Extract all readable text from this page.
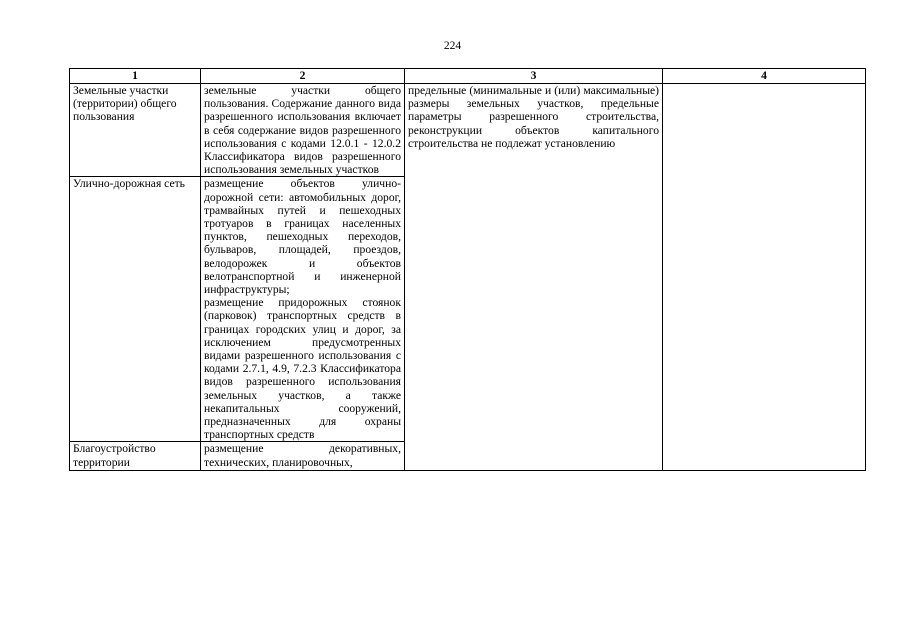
224
1	2	3	4
Земельные участки (территории) общего пользования	земельные участки общего пользования. Содержание данного вида разрешенного использования включает в себя содержание видов разрешенного использования с кодами 12.0.1 - 12.0.2 Классификатора видов разрешенного использования земельных участков	предельные (минимальные и (или) максимальные) размеры земельных участков, предельные параметры разрешенного строительства, реконструкции объектов капитального строительства не подлежат установлению	
Улично-дорожная сеть	размещение объектов улично-дорожной сети: автомобильных дорог, трамвайных путей и пешеходных тротуаров в границах населенных пунктов, пешеходных переходов, бульваров, площадей, проездов, велодорожек и объектов велотранспортной и инженерной инфраструктуры;
размещение придорожных стоянок (парковок) транспортных средств в границах городских улиц и дорог, за исключением предусмотренных видами разрешенного использования с кодами 2.7.1, 4.9, 7.2.3 Классификатора видов разрешенного использования земельных участков, а также некапитальных сооружений, предназначенных для охраны транспортных средств		

Благоустройство территории	размещение декоративных, технических, планировочных,		
